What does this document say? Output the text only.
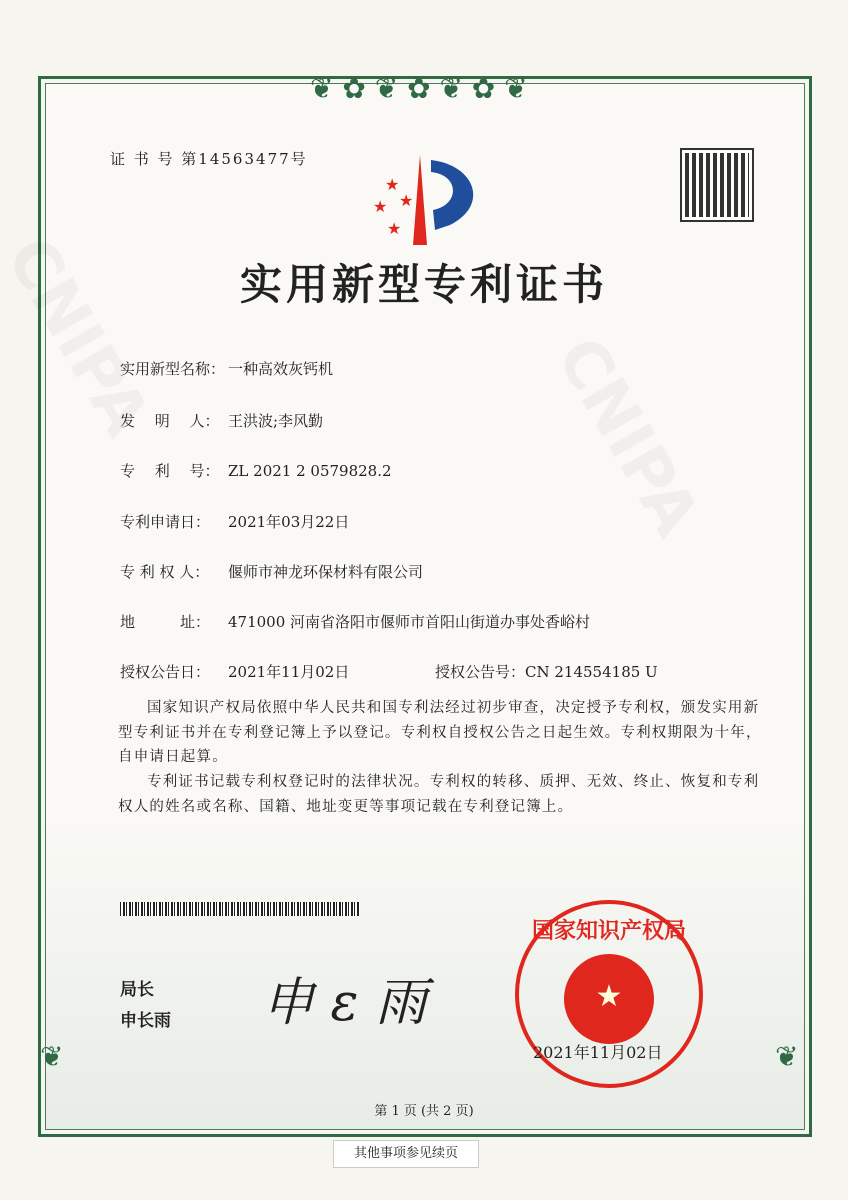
❦ ✿ ❦ ✿ ❦ ✿ ❦
❦	❦
证 书 号 第14563477号
★
★
★
★
实用新型专利证书
实用新型名称： 一种高效灰钙机
发　 明　 人： 王洪波;李风勤
专　 利　 号： ZL 2021 2 0579828.2
专利申请日： 2021年03月22日
专 利 权 人： 偃师市神龙环保材料有限公司
地　　　址： 471000 河南省洛阳市偃师市首阳山街道办事处香峪村
授权公告日： 2021年11月02日	授权公告号：CN 214554185 U
国家知识产权局依照中华人民共和国专利法经过初步审查，决定授予专利权，颁发实用新型专利证书并在专利登记簿上予以登记。专利权自授权公告之日起生效。专利权期限为十年，自申请日起算。
专利证书记载专利权登记时的法律状况。专利权的转移、质押、无效、终止、恢复和专利权人的姓名或名称、国籍、地址变更等事项记载在专利登记簿上。
局长
申长雨 申 ε 雨	★
国家知识产权局
2021年11月02日
第 1 页 (共 2 页)
其他事项参见续页
